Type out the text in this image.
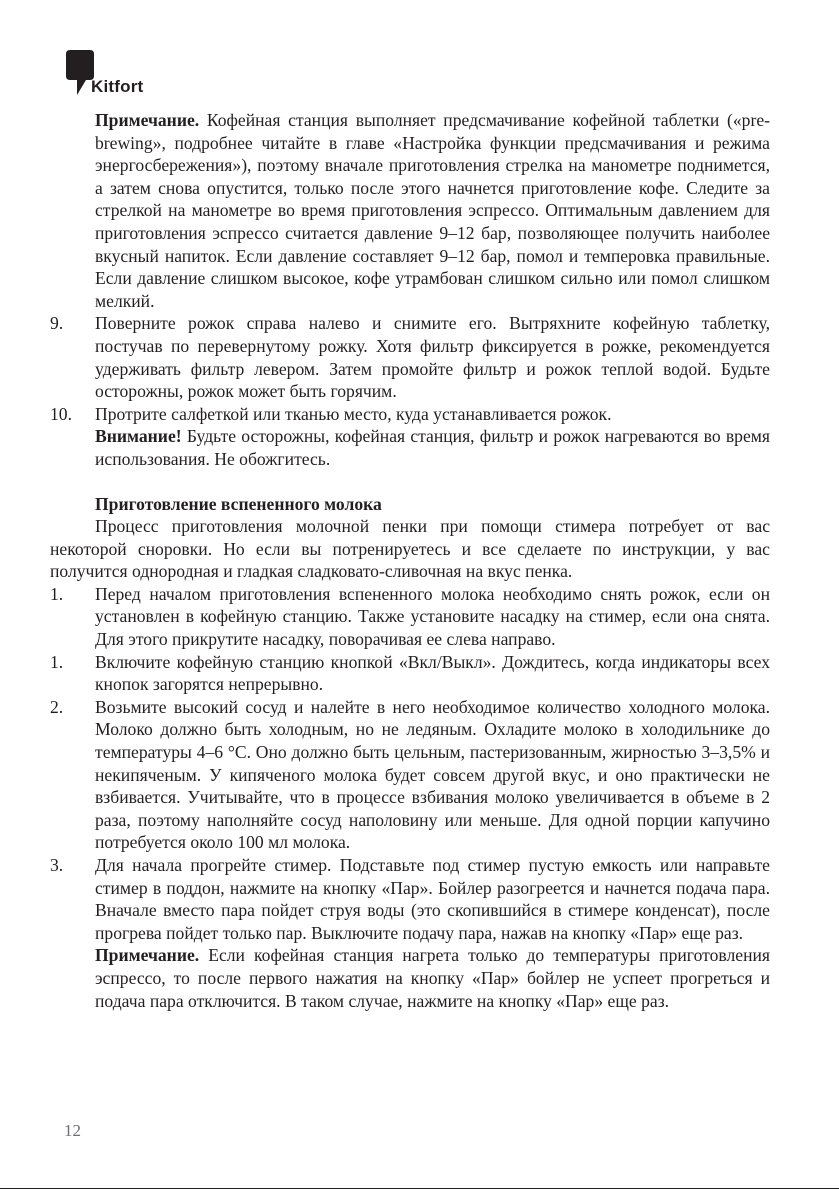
Kitfort

Примечание. Кофейная станция выполняет предсмачивание кофейной таблетки («pre-brewing», подробнее читайте в главе «Настройка функции предсмачивания и режима энергосбережения»), поэтому вначале приготовления стрелка на манометре поднимется, а затем снова опустится, только после этого начнется приготовление кофе. Следите за стрелкой на манометре во время приготовления эспрессо. Оптимальным давлением для приготовления эспрессо считается давление 9–12 бар, позволяющее получить наиболее вкусный напиток. Если давление составляет 9–12 бар, помол и темперовка правильные. Если давление слишком высокое, кофе утрамбован слишком сильно или помол слишком мелкий.

9. Поверните рожок справа налево и снимите его. Вытряхните кофейную таблетку, постучав по перевернутому рожку. Хотя фильтр фиксируется в рожке, рекомендуется удерживать фильтр левером. Затем промойте фильтр и рожок теплой водой. Будьте осторожны, рожок может быть горячим.
10. Протрите салфеткой или тканью место, куда устанавливается рожок.

Внимание! Будьте осторожны, кофейная станция, фильтр и рожок нагреваются во время использования. Не обожгитесь.

Приготовление вспененного молока

Процесс приготовления молочной пенки при помощи стимера потребует от вас некоторой сноровки. Но если вы потренируетесь и все сделаете по инструкции, у вас получится однородная и гладкая сладковато-сливочная на вкус пенка.

1. Перед началом приготовления вспененного молока необходимо снять рожок, если он установлен в кофейную станцию. Также установите насадку на стимер, если она снята. Для этого прикрутите насадку, поворачивая ее слева направо.
1. Включите кофейную станцию кнопкой «Вкл/Выкл». Дождитесь, когда индикаторы всех кнопок загорятся непрерывно.
2. Возьмите высокий сосуд и налейте в него необходимое количество холодного молока. Молоко должно быть холодным, но не ледяным. Охладите молоко в холодильнике до температуры 4–6 °С. Оно должно быть цельным, пастеризованным, жирностью 3–3,5% и некипяченым. У кипяченого молока будет совсем другой вкус, и оно практически не взбивается. Учитывайте, что в процессе взбивания молоко увеличивается в объеме в 2 раза, поэтому наполняйте сосуд наполовину или меньше. Для одной порции капучино потребуется около 100 мл молока.
3. Для начала прогрейте стимер. Подставьте под стимер пустую емкость или направьте стимер в поддон, нажмите на кнопку «Пар». Бойлер разогреется и начнется подача пара. Вначале вместо пара пойдет струя воды (это скопившийся в стимере конденсат), после прогрева пойдет только пар. Выключите подачу пара, нажав на кнопку «Пар» еще раз.

Примечание. Если кофейная станция нагрета только до температуры приготовления эспрессо, то после первого нажатия на кнопку «Пар» бойлер не успеет прогреться и подача пара отключится. В таком случае, нажмите на кнопку «Пар» еще раз.

12
